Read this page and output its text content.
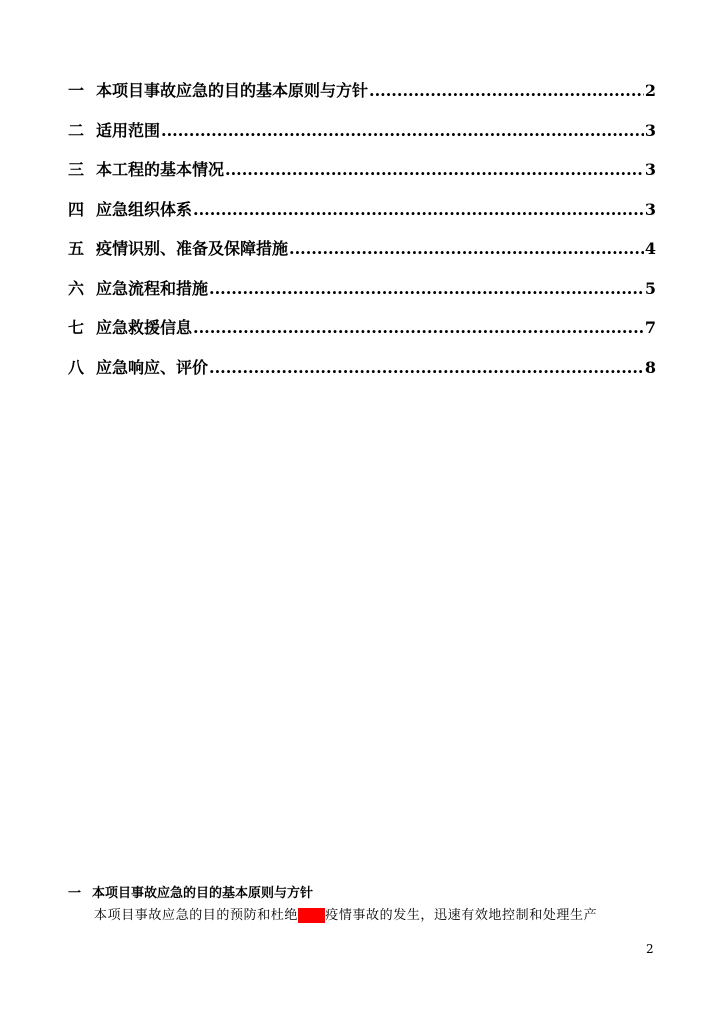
一 本项目事故应急的目的基本原则与方针 .....	2
二 适用范围 .....	3
三 本工程的基本情况 .....	3
四 应急组织体系 .....	3
五 疫情识别、准备及保障措施 .....	4
六 应急流程和措施 .....	5
七 应急救援信息 .....	7
八 应急响应、评价 .....	8
一 本项目事故应急的目的基本原则与方针
本项目事故应急的目的预防和杜绝某某疫情事故的发生，迅速有效地控制和处理生产
2
